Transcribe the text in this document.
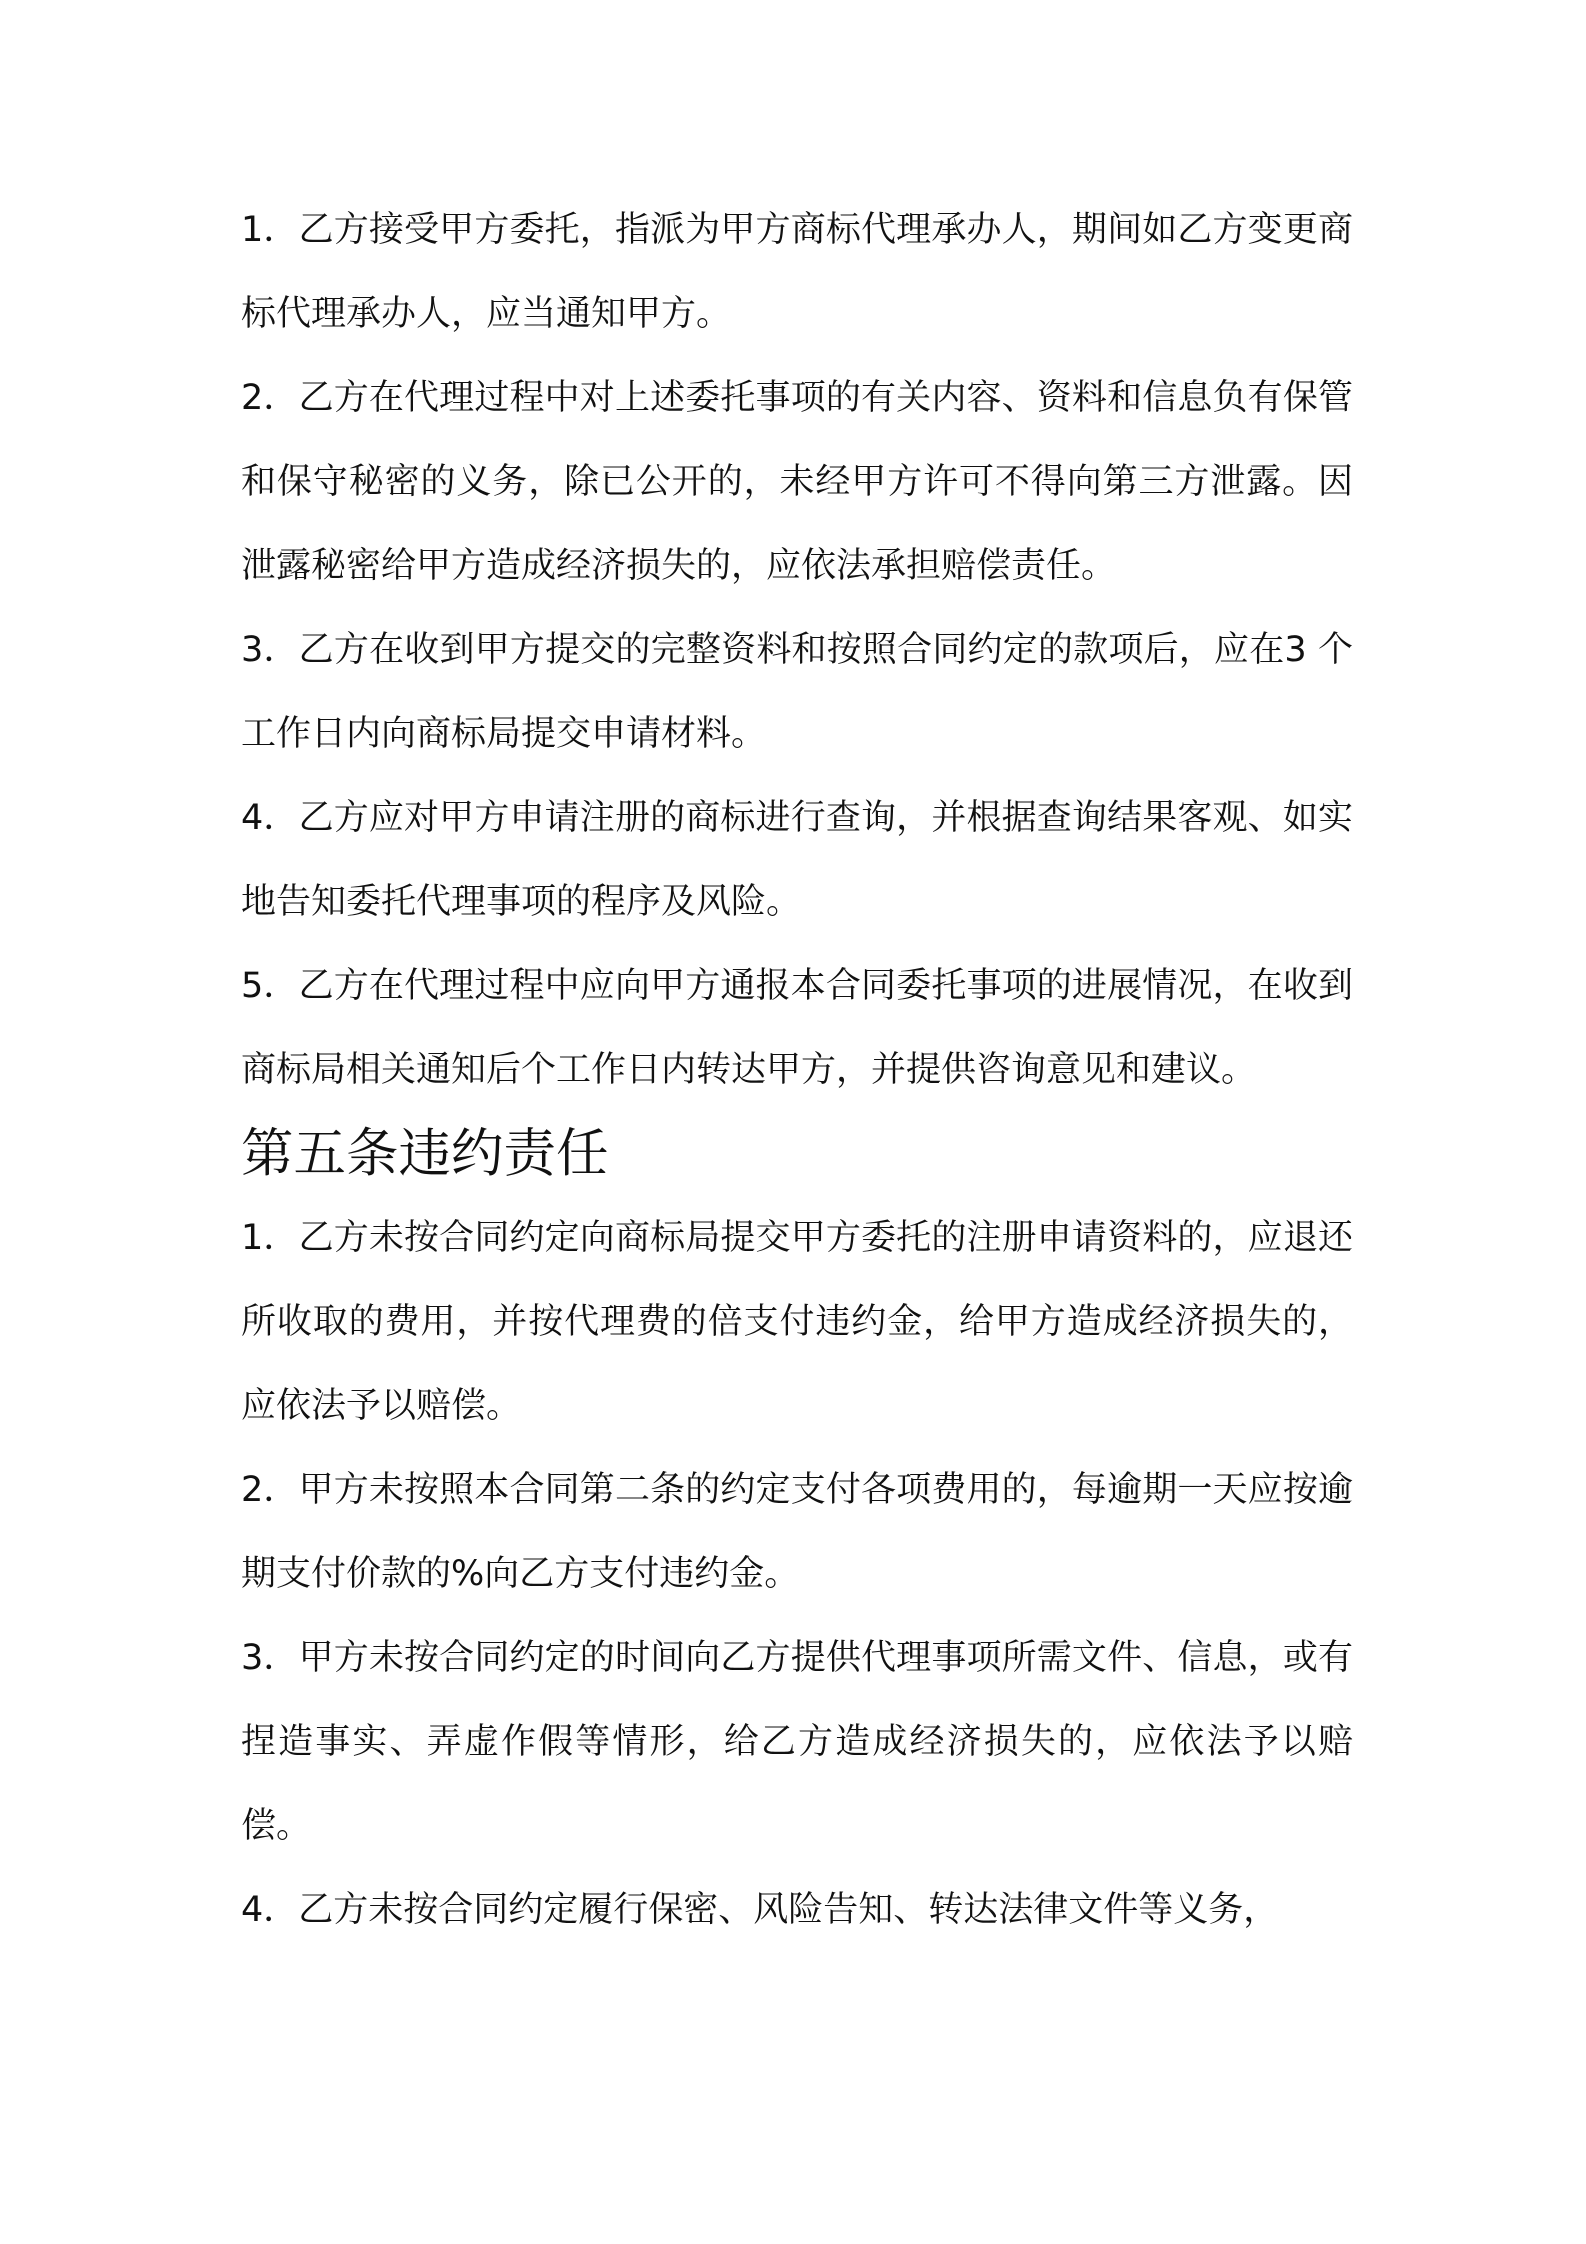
1．乙方接受甲方委托，指派为甲方商标代理承办人，期间如乙方变更商标代理承办人，应当通知甲方。

2．乙方在代理过程中对上述委托事项的有关内容、资料和信息负有保管和保守秘密的义务，除已公开的，未经甲方许可不得向第三方泄露。因泄露秘密给甲方造成经济损失的，应依法承担赔偿责任。

3．乙方在收到甲方提交的完整资料和按照合同约定的款项后，应在3 个工作日内向商标局提交申请材料。

4．乙方应对甲方申请注册的商标进行查询，并根据查询结果客观、如实地告知委托代理事项的程序及风险。

5．乙方在代理过程中应向甲方通报本合同委托事项的进展情况，在收到商标局相关通知后个工作日内转达甲方，并提供咨询意见和建议。

第五条违约责任

1．乙方未按合同约定向商标局提交甲方委托的注册申请资料的，应退还所收取的费用，并按代理费的倍支付违约金，给甲方造成经济损失的，应依法予以赔偿。

2．甲方未按照本合同第二条的约定支付各项费用的，每逾期一天应按逾期支付价款的%向乙方支付违约金。

3．甲方未按合同约定的时间向乙方提供代理事项所需文件、信息，或有捏造事实、弄虚作假等情形，给乙方造成经济损失的，应依法予以赔偿。

4．乙方未按合同约定履行保密、风险告知、转达法律文件等义务，
